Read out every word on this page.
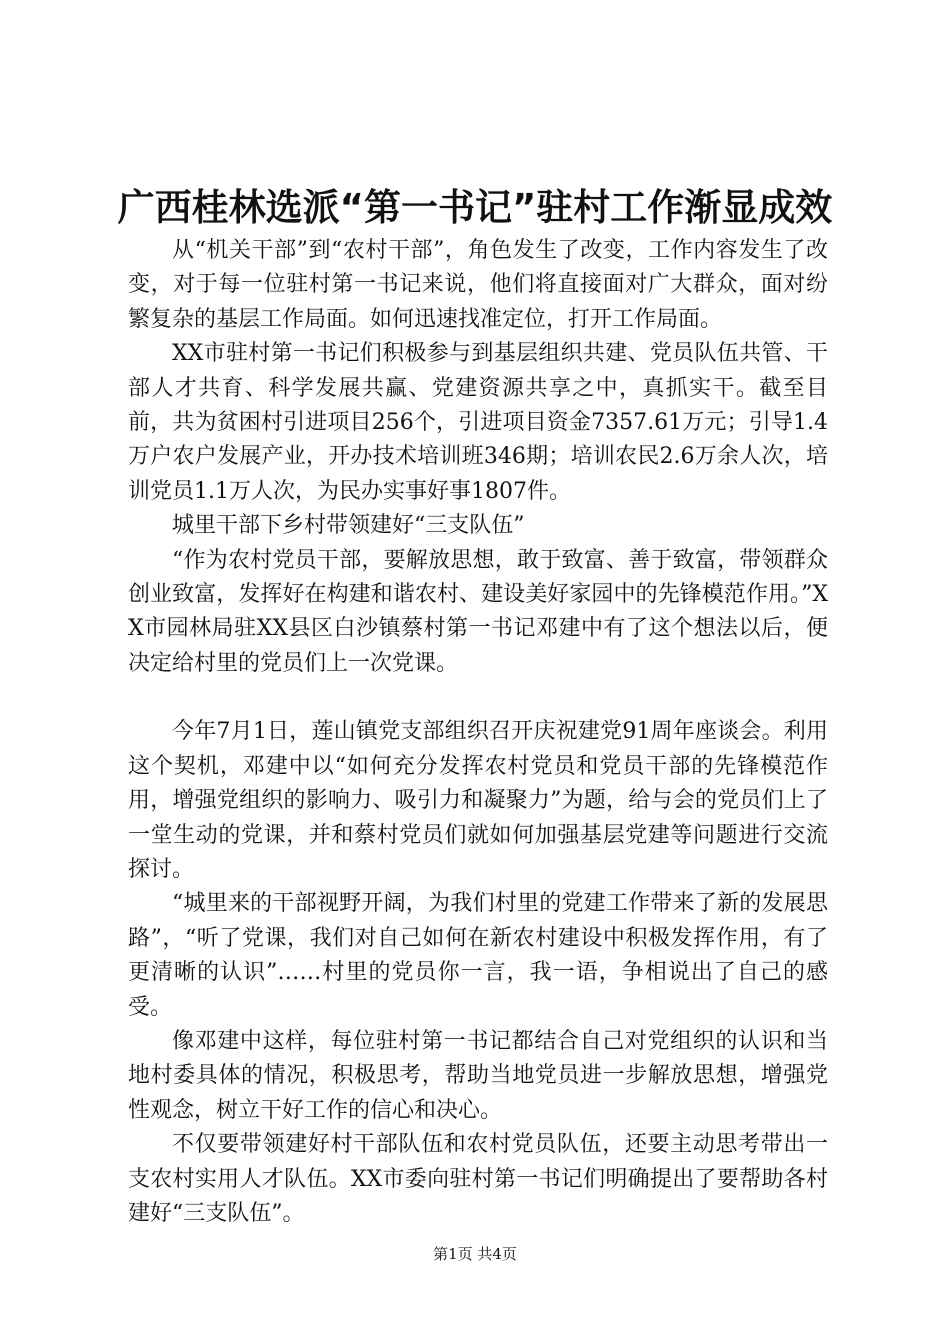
广西桂林选派“第一书记”驻村工作渐显成效

从“机关干部”到“农村干部”，角色发生了改变，工作内容发生了改变，对于每一位驻村第一书记来说，他们将直接面对广大群众，面对纷繁复杂的基层工作局面。如何迅速找准定位，打开工作局面。

XX市驻村第一书记们积极参与到基层组织共建、党员队伍共管、干部人才共育、科学发展共赢、党建资源共享之中，真抓实干。截至目前，共为贫困村引进项目256个，引进项目资金7357.61万元；引导1.4万户农户发展产业，开办技术培训班346期；培训农民2.6万余人次，培训党员1.1万人次，为民办实事好事1807件。

城里干部下乡村带领建好“三支队伍”

“作为农村党员干部，要解放思想，敢于致富、善于致富，带领群众创业致富，发挥好在构建和谐农村、建设美好家园中的先锋模范作用。”XX市园林局驻XX县区白沙镇蔡村第一书记邓建中有了这个想法以后，便决定给村里的党员们上一次党课。

今年7月1日，莲山镇党支部组织召开庆祝建党91周年座谈会。利用这个契机，邓建中以“如何充分发挥农村党员和党员干部的先锋模范作用，增强党组织的影响力、吸引力和凝聚力”为题，给与会的党员们上了一堂生动的党课，并和蔡村党员们就如何加强基层党建等问题进行交流探讨。

“城里来的干部视野开阔，为我们村里的党建工作带来了新的发展思路”，“听了党课，我们对自己如何在新农村建设中积极发挥作用，有了更清晰的认识”……村里的党员你一言，我一语，争相说出了自己的感受。

像邓建中这样，每位驻村第一书记都结合自己对党组织的认识和当地村委具体的情况，积极思考，帮助当地党员进一步解放思想，增强党性观念，树立干好工作的信心和决心。

不仅要带领建好村干部队伍和农村党员队伍，还要主动思考带出一支农村实用人才队伍。XX市委向驻村第一书记们明确提出了要帮助各村建好“三支队伍”。

第1页 共4页
